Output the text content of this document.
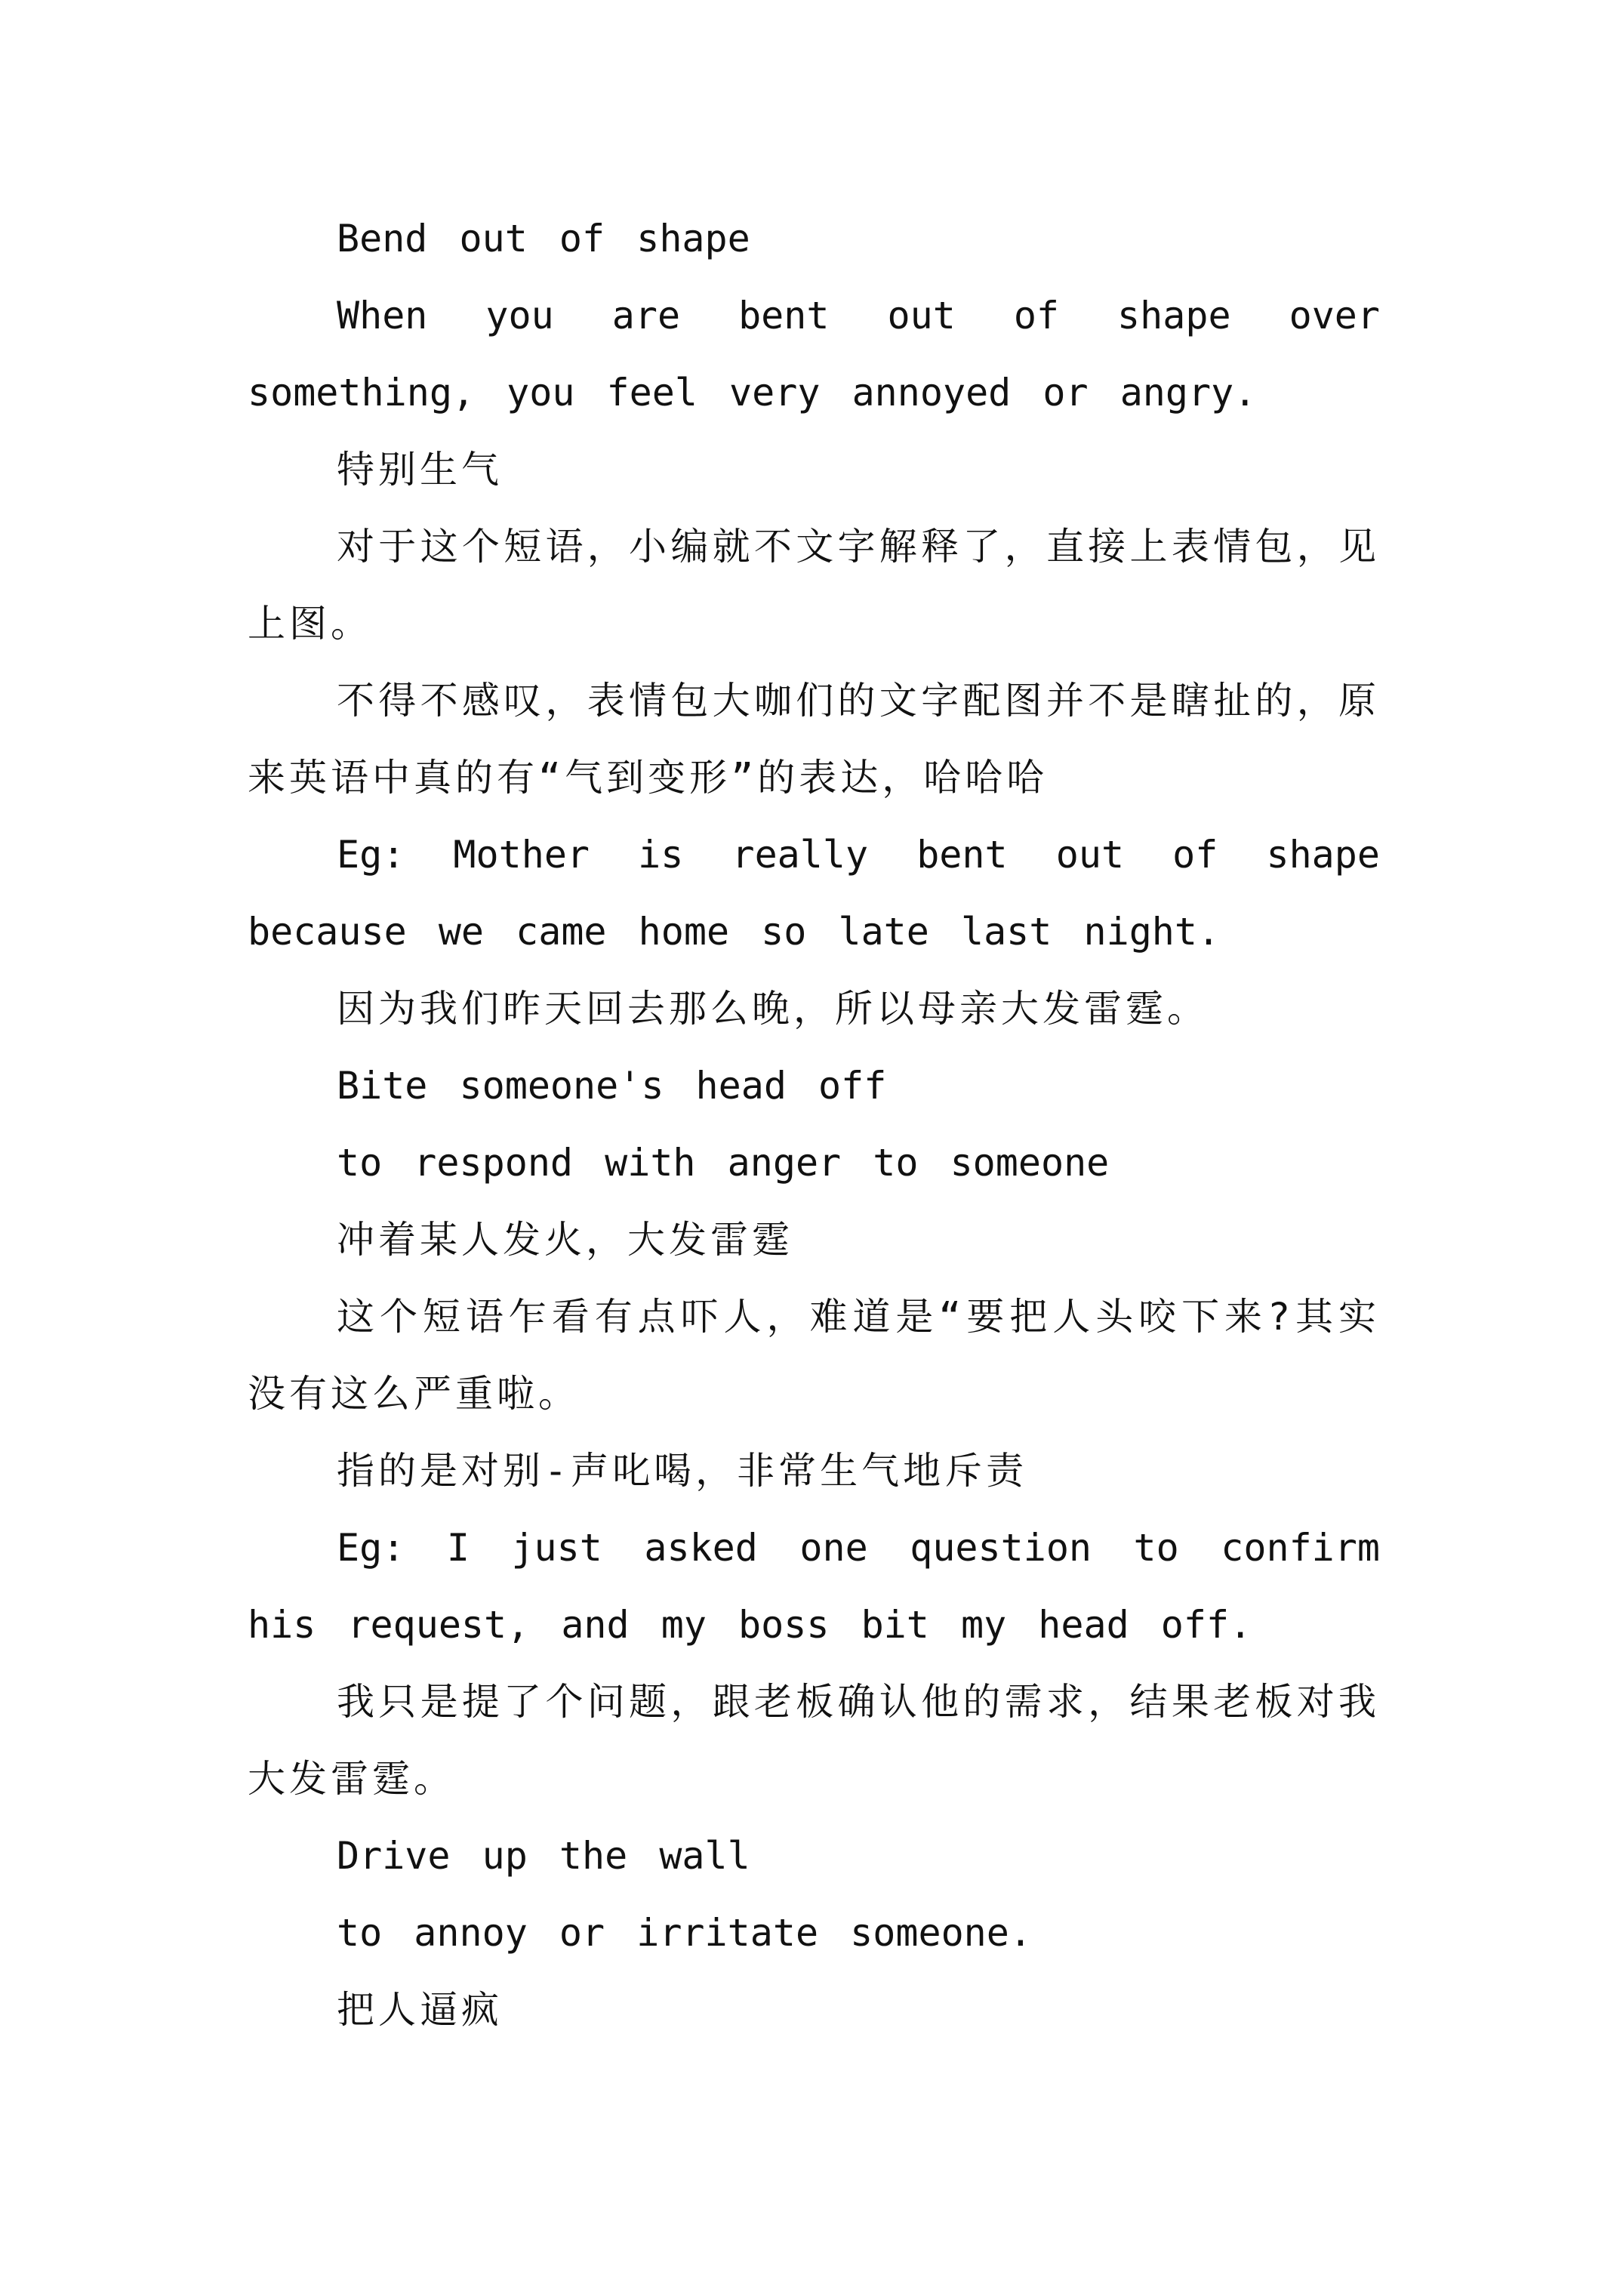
Bend out of shape

When you are bent out of shape over something, you feel very annoyed or angry.

特别生气

对于这个短语，小编就不文字解释了，直接上表情包，见上图。

不得不感叹，表情包大咖们的文字配图并不是瞎扯的，原来英语中真的有“气到变形”的表达，哈哈哈

Eg: Mother is really bent out of shape because we came home so late last night.

因为我们昨天回去那么晚，所以母亲大发雷霆。

Bite someone's head off

to respond with anger to someone

冲着某人发火，大发雷霆

这个短语乍看有点吓人，难道是“要把人头咬下来?其实没有这么严重啦。

指的是对别-声叱喝，非常生气地斥责

Eg: I just asked one question to confirm his request, and my boss bit my head off.

我只是提了个问题，跟老板确认他的需求，结果老板对我大发雷霆。

Drive up the wall

to annoy or irritate someone.

把人逼疯
